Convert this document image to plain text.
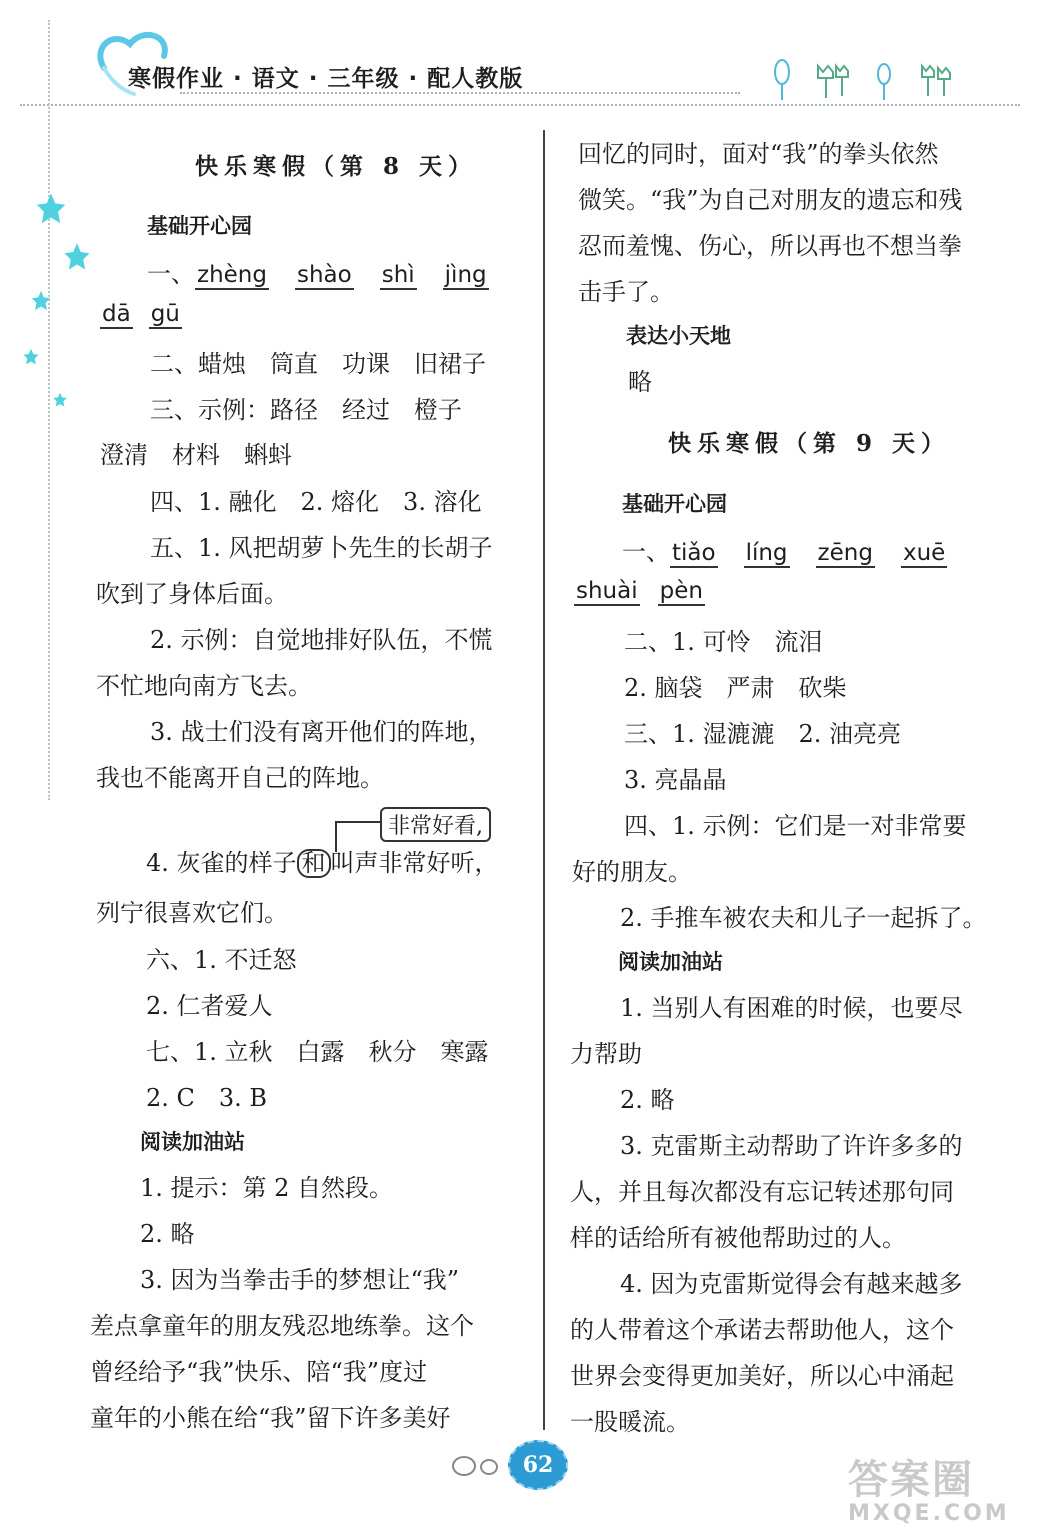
寒假作业 · 语文 · 三年级 · 配人教版
快乐寒假（第 8 天）
基础开心园
一、zhèng shào shì jìng
dā gū
二、蜡烛　筒直　功课　旧裙子
三、示例：路径　经过　橙子
澄清　材料　蝌蚪
四、1. 融化　2. 熔化　3. 溶化
五、1. 风把胡萝卜先生的长胡子
吹到了身体后面。
2. 示例：自觉地排好队伍，不慌
不忙地向南方飞去。
3. 战士们没有离开他们的阵地，
我也不能离开自己的阵地。
非常好看,
4. 灰雀的样子 和 叫声非常好听，
列宁很喜欢它们。
六、1. 不迁怒
2. 仁者爱人
七、1. 立秋　白露　秋分　寒露
2. C　3. B
阅读加油站
1. 提示：第 2 自然段。
2. 略
3. 因为当拳击手的梦想让“我”
差点拿童年的朋友残忍地练拳。这个
曾经给予“我”快乐、陪“我”度过
童年的小熊在给“我”留下许多美好
回忆的同时，面对“我”的拳头依然
微笑。“我”为自己对朋友的遗忘和残
忍而羞愧、伤心，所以再也不想当拳
击手了。
表达小天地
略
快乐寒假（第 9 天）
基础开心园
一、tiǎo líng zēng xuē
shuài pèn
二、1. 可怜　流泪
2. 脑袋　严肃　砍柴
三、1. 湿漉漉　2. 油亮亮
3. 亮晶晶
四、1. 示例：它们是一对非常要
好的朋友。
2. 手推车被农夫和儿子一起拆了。
阅读加油站
1. 当别人有困难的时候，也要尽
力帮助
2. 略
3. 克雷斯主动帮助了许许多多的
人，并且每次都没有忘记转述那句同
样的话给所有被他帮助过的人。
4. 因为克雷斯觉得会有越来越多
的人带着这个承诺去帮助他人，这个
世界会变得更加美好，所以心中涌起
一股暖流。
62	答案圈
MXQE.COM
